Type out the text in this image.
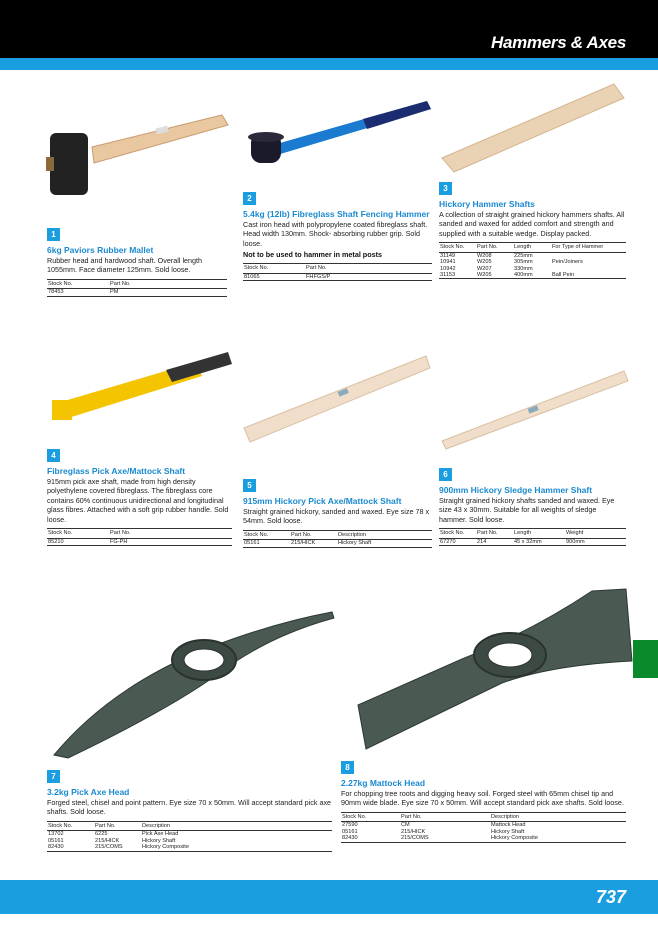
Hammers & Axes
1
6kg Paviors Rubber Mallet
Rubber head and hardwood shaft. Overall length 1055mm. Face diameter 125mm. Sold loose.
Stock No.	Part No.
78453	PM
2
5.4kg (12lb) Fibreglass Shaft Fencing Hammer
Cast iron head with polypropylene coated fibreglass shaft. Head width 130mm. Shock- absorbing rubber grip. Sold loose.
Not to be used to hammer in metal posts
Stock No.	Part No.
81065	FHFGS/P
3
Hickory Hammer Shafts
A collection of straight grained hickory hammers shafts. All sanded and waxed for added comfort and strength and supplied with a suitable wedge. Display packed.
Stock No.	Part No.	Length	For Type of Hammer
31149	W208	225mm	
10941	W205	305mm	Pein/Joiners
10942	W207	330mm	
31153	W205	400mm	Ball Pein
4
Fibreglass Pick Axe/Mattock Shaft
915mm pick axe shaft, made from high density polyethylene covered fibreglass. The fibreglass core contains 60% continuous unidirectional and longitudinal glass fibres. Attached with a soft grip rubber handle. Sold loose.
Stock No.	Part No.
85210	FG-PH
5
915mm Hickory Pick Axe/Mattock Shaft
Straight grained hickory, sanded and waxed. Eye size 78 x 54mm. Sold loose.
Stock No.	Part No.	Description
05161	215/HICK	Hickory Shaft
6
900mm Hickory Sledge Hammer Shaft
Straight grained hickory shafts sanded and waxed. Eye size 43 x 30mm. Suitable for all weights of sledge hammer. Sold loose.
Stock No.	Part No.	Length	Weight
67270	214	45 x 32mm	900mm
7
3.2kg Pick Axe Head
Forged steel, chisel and point pattern. Eye size 70 x 50mm. Will accept standard pick axe shafts. Sold loose.
Stock No.	Part No.	Description
13702	6225	Pick Axe Head
05161	215/HICK	Hickory Shaft
82430	215/COMS	Hickory Composite
8
2.27kg Mattock Head
For chopping tree roots and digging heavy soil. Forged steel with 65mm chisel tip and 90mm wide blade. Eye size 70 x 50mm. Will accept standard pick axe shafts. Sold loose.
Stock No.	Part No.	Description
27590	CM	Mattock Head
05161	215/HICK	Hickory Shaft
82430	215/COMS	Hickory Composite
737
